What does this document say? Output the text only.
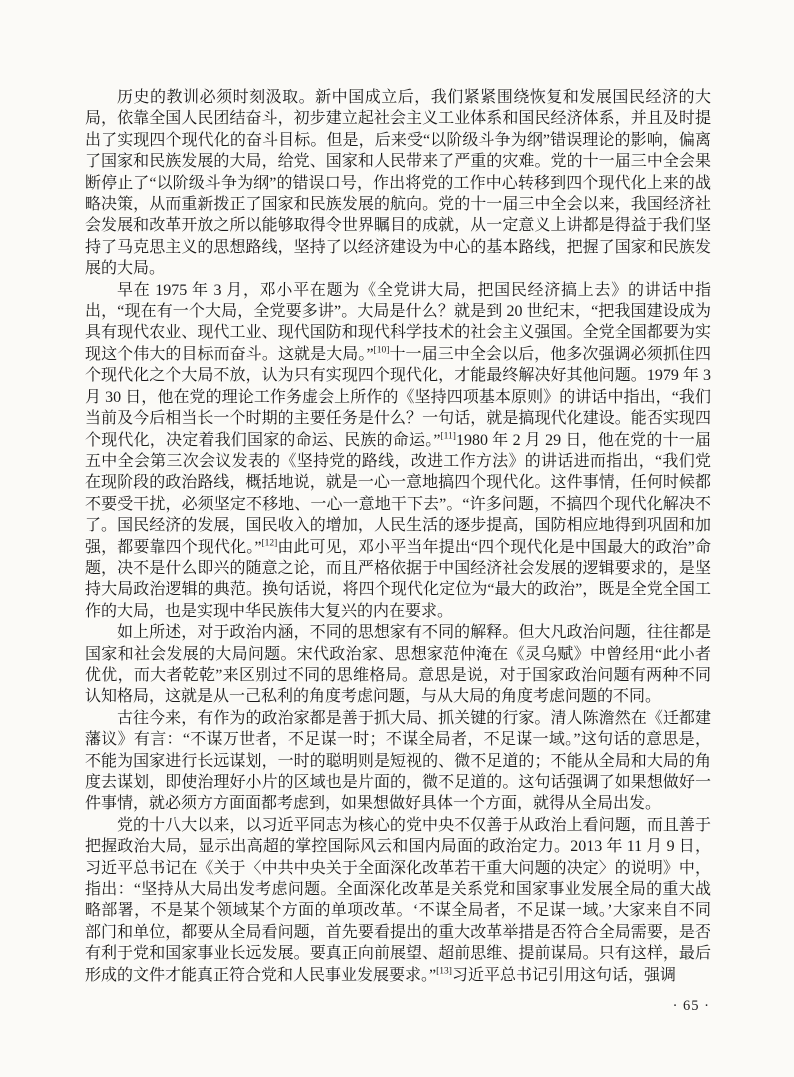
历史的教训必须时刻汲取。新中国成立后，我们紧紧围绕恢复和发展国民经济的大局，依靠全国人民团结奋斗，初步建立起社会主义工业体系和国民经济体系，并且及时提出了实现四个现代化的奋斗目标。但是，后来受“以阶级斗争为纲”错误理论的影响，偏离了国家和民族发展的大局，给党、国家和人民带来了严重的灾难。党的十一届三中全会果断停止了“以阶级斗争为纲”的错误口号，作出将党的工作中心转移到四个现代化上来的战略决策，从而重新拨正了国家和民族发展的航向。党的十一届三中全会以来，我国经济社会发展和改革开放之所以能够取得令世界瞩目的成就，从一定意义上讲都是得益于我们坚持了马克思主义的思想路线，坚持了以经济建设为中心的基本路线，把握了国家和民族发展的大局。

早在 1975 年 3 月，邓小平在题为《全党讲大局，把国民经济搞上去》的讲话中指出，“现在有一个大局，全党要多讲”。大局是什么？就是到 20 世纪末，“把我国建设成为具有现代农业、现代工业、现代国防和现代科学技术的社会主义强国。全党全国都要为实现这个伟大的目标而奋斗。这就是大局。”[10]十一届三中全会以后，他多次强调必须抓住四个现代化之个大局不放，认为只有实现四个现代化，才能最终解决好其他问题。1979 年 3 月 30 日，他在党的理论工作务虚会上所作的《坚持四项基本原则》的讲话中指出，“我们当前及今后相当长一个时期的主要任务是什么？一句话，就是搞现代化建设。能否实现四个现代化，决定着我们国家的命运、民族的命运。”[11]1980 年 2 月 29 日，他在党的十一届五中全会第三次会议发表的《坚持党的路线，改进工作方法》的讲话进而指出，“我们党在现阶段的政治路线，概括地说，就是一心一意地搞四个现代化。这件事情，任何时候都不要受干扰，必须坚定不移地、一心一意地干下去”。“许多问题，不搞四个现代化解决不了。国民经济的发展，国民收入的增加，人民生活的逐步提高，国防相应地得到巩固和加强，都要靠四个现代化。”[12]由此可见，邓小平当年提出“四个现代化是中国最大的政治”命题，决不是什么即兴的随意之论，而且严格依据于中国经济社会发展的逻辑要求的，是坚持大局政治逻辑的典范。换句话说，将四个现代化定位为“最大的政治”，既是全党全国工作的大局，也是实现中华民族伟大复兴的内在要求。

如上所述，对于政治内涵，不同的思想家有不同的解释。但大凡政治问题，往往都是国家和社会发展的大局问题。宋代政治家、思想家范仲淹在《灵乌赋》中曾经用“此小者优优，而大者乾乾”来区别过不同的思维格局。意思是说，对于国家政治问题有两种不同认知格局，这就是从一己私利的角度考虑问题，与从大局的角度考虑问题的不同。

古往今来，有作为的政治家都是善于抓大局、抓关键的行家。清人陈澹然在《迁都建藩议》有言：“不谋万世者，不足谋一时；不谋全局者，不足谋一域。”这句话的意思是，不能为国家进行长远谋划，一时的聪明则是短视的、微不足道的；不能从全局和大局的角度去谋划，即使治理好小片的区域也是片面的，微不足道的。这句话强调了如果想做好一件事情，就必须方方面面都考虑到，如果想做好具体一个方面，就得从全局出发。

党的十八大以来，以习近平同志为核心的党中央不仅善于从政治上看问题，而且善于把握政治大局，显示出高超的掌控国际风云和国内局面的政治定力。2013 年 11 月 9 日，习近平总书记在《关于〈中共中央关于全面深化改革若干重大问题的决定〉的说明》中，指出：“坚持从大局出发考虑问题。全面深化改革是关系党和国家事业发展全局的重大战略部署，不是某个领域某个方面的单项改革。‘不谋全局者，不足谋一域。’大家来自不同部门和单位，都要从全局看问题，首先要看提出的重大改革举措是否符合全局需要，是否有利于党和国家事业长远发展。要真正向前展望、超前思维、提前谋局。只有这样，最后形成的文件才能真正符合党和人民事业发展要求。”[13]习近平总书记引用这句话，强调

· 65 ·
